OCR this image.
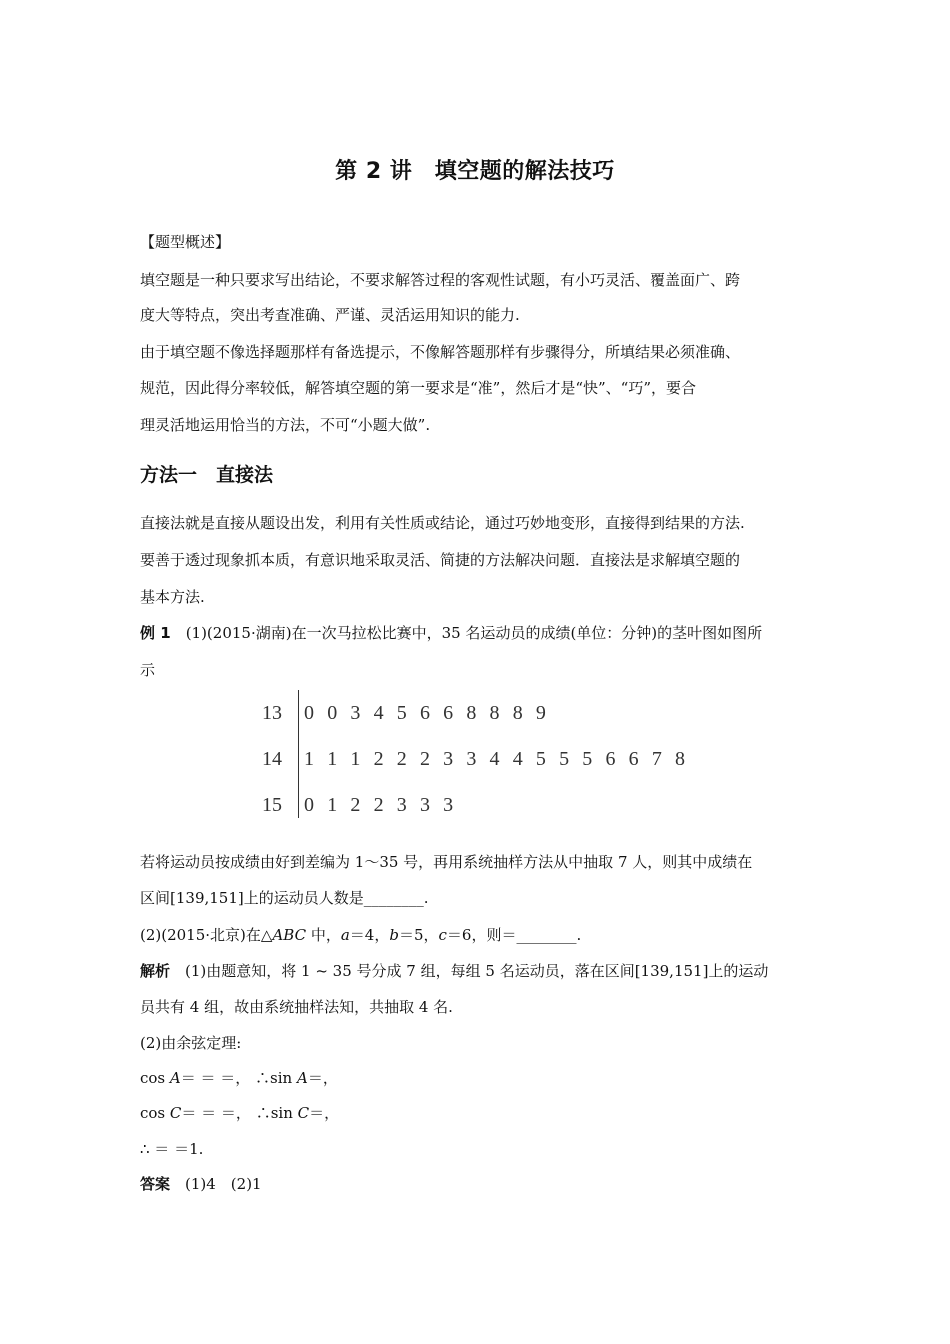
第 2 讲　填空题的解法技巧
【题型概述】
填空题是一种只要求写出结论，不要求解答过程的客观性试题，有小巧灵活、覆盖面广、跨
度大等特点，突出考查准确、严谨、灵活运用知识的能力.
由于填空题不像选择题那样有备选提示，不像解答题那样有步骤得分，所填结果必须准确、
规范，因此得分率较低，解答填空题的第一要求是“准”，然后才是“快”、“巧”，要合
理灵活地运用恰当的方法，不可“小题大做”.
方法一　直接法
直接法就是直接从题设出发，利用有关性质或结论，通过巧妙地变形，直接得到结果的方法.
要善于透过现象抓本质，有意识地采取灵活、简捷的方法解决问题．直接法是求解填空题的
基本方法.
例 1　 (1)(2015·湖南)在一次马拉松比赛中，35 名运动员的成绩(单位：分钟)的茎叶图如图所
示
13	0 0 3 4 5 6 6 8 8 8 9
14	1 1 1 2 2 2 3 3 4 4 5 5 5 6 6 7 8
15	0 1 2 2 3 3 3
若将运动员按成绩由好到差编为 1～35 号，再用系统抽样方法从中抽取 7 人，则其中成绩在
区间[139,151]上的运动员人数是________.
(2)(2015·北京)在△ABC 中，a＝4，b＝5，c＝6，则＝________.
解析　(1)由题意知，将 1 ~ 35 号分成 7 组，每组 5 名运动员，落在区间[139,151]上的运动
员共有 4 组，故由系统抽样法知，共抽取 4 名.
(2)由余弦定理:
cos A＝ ＝ ＝， ∴sin A＝，
cos C＝ ＝ ＝， ∴sin C＝，
∴ ＝ ＝1.
答案　(1)4　(2)1
